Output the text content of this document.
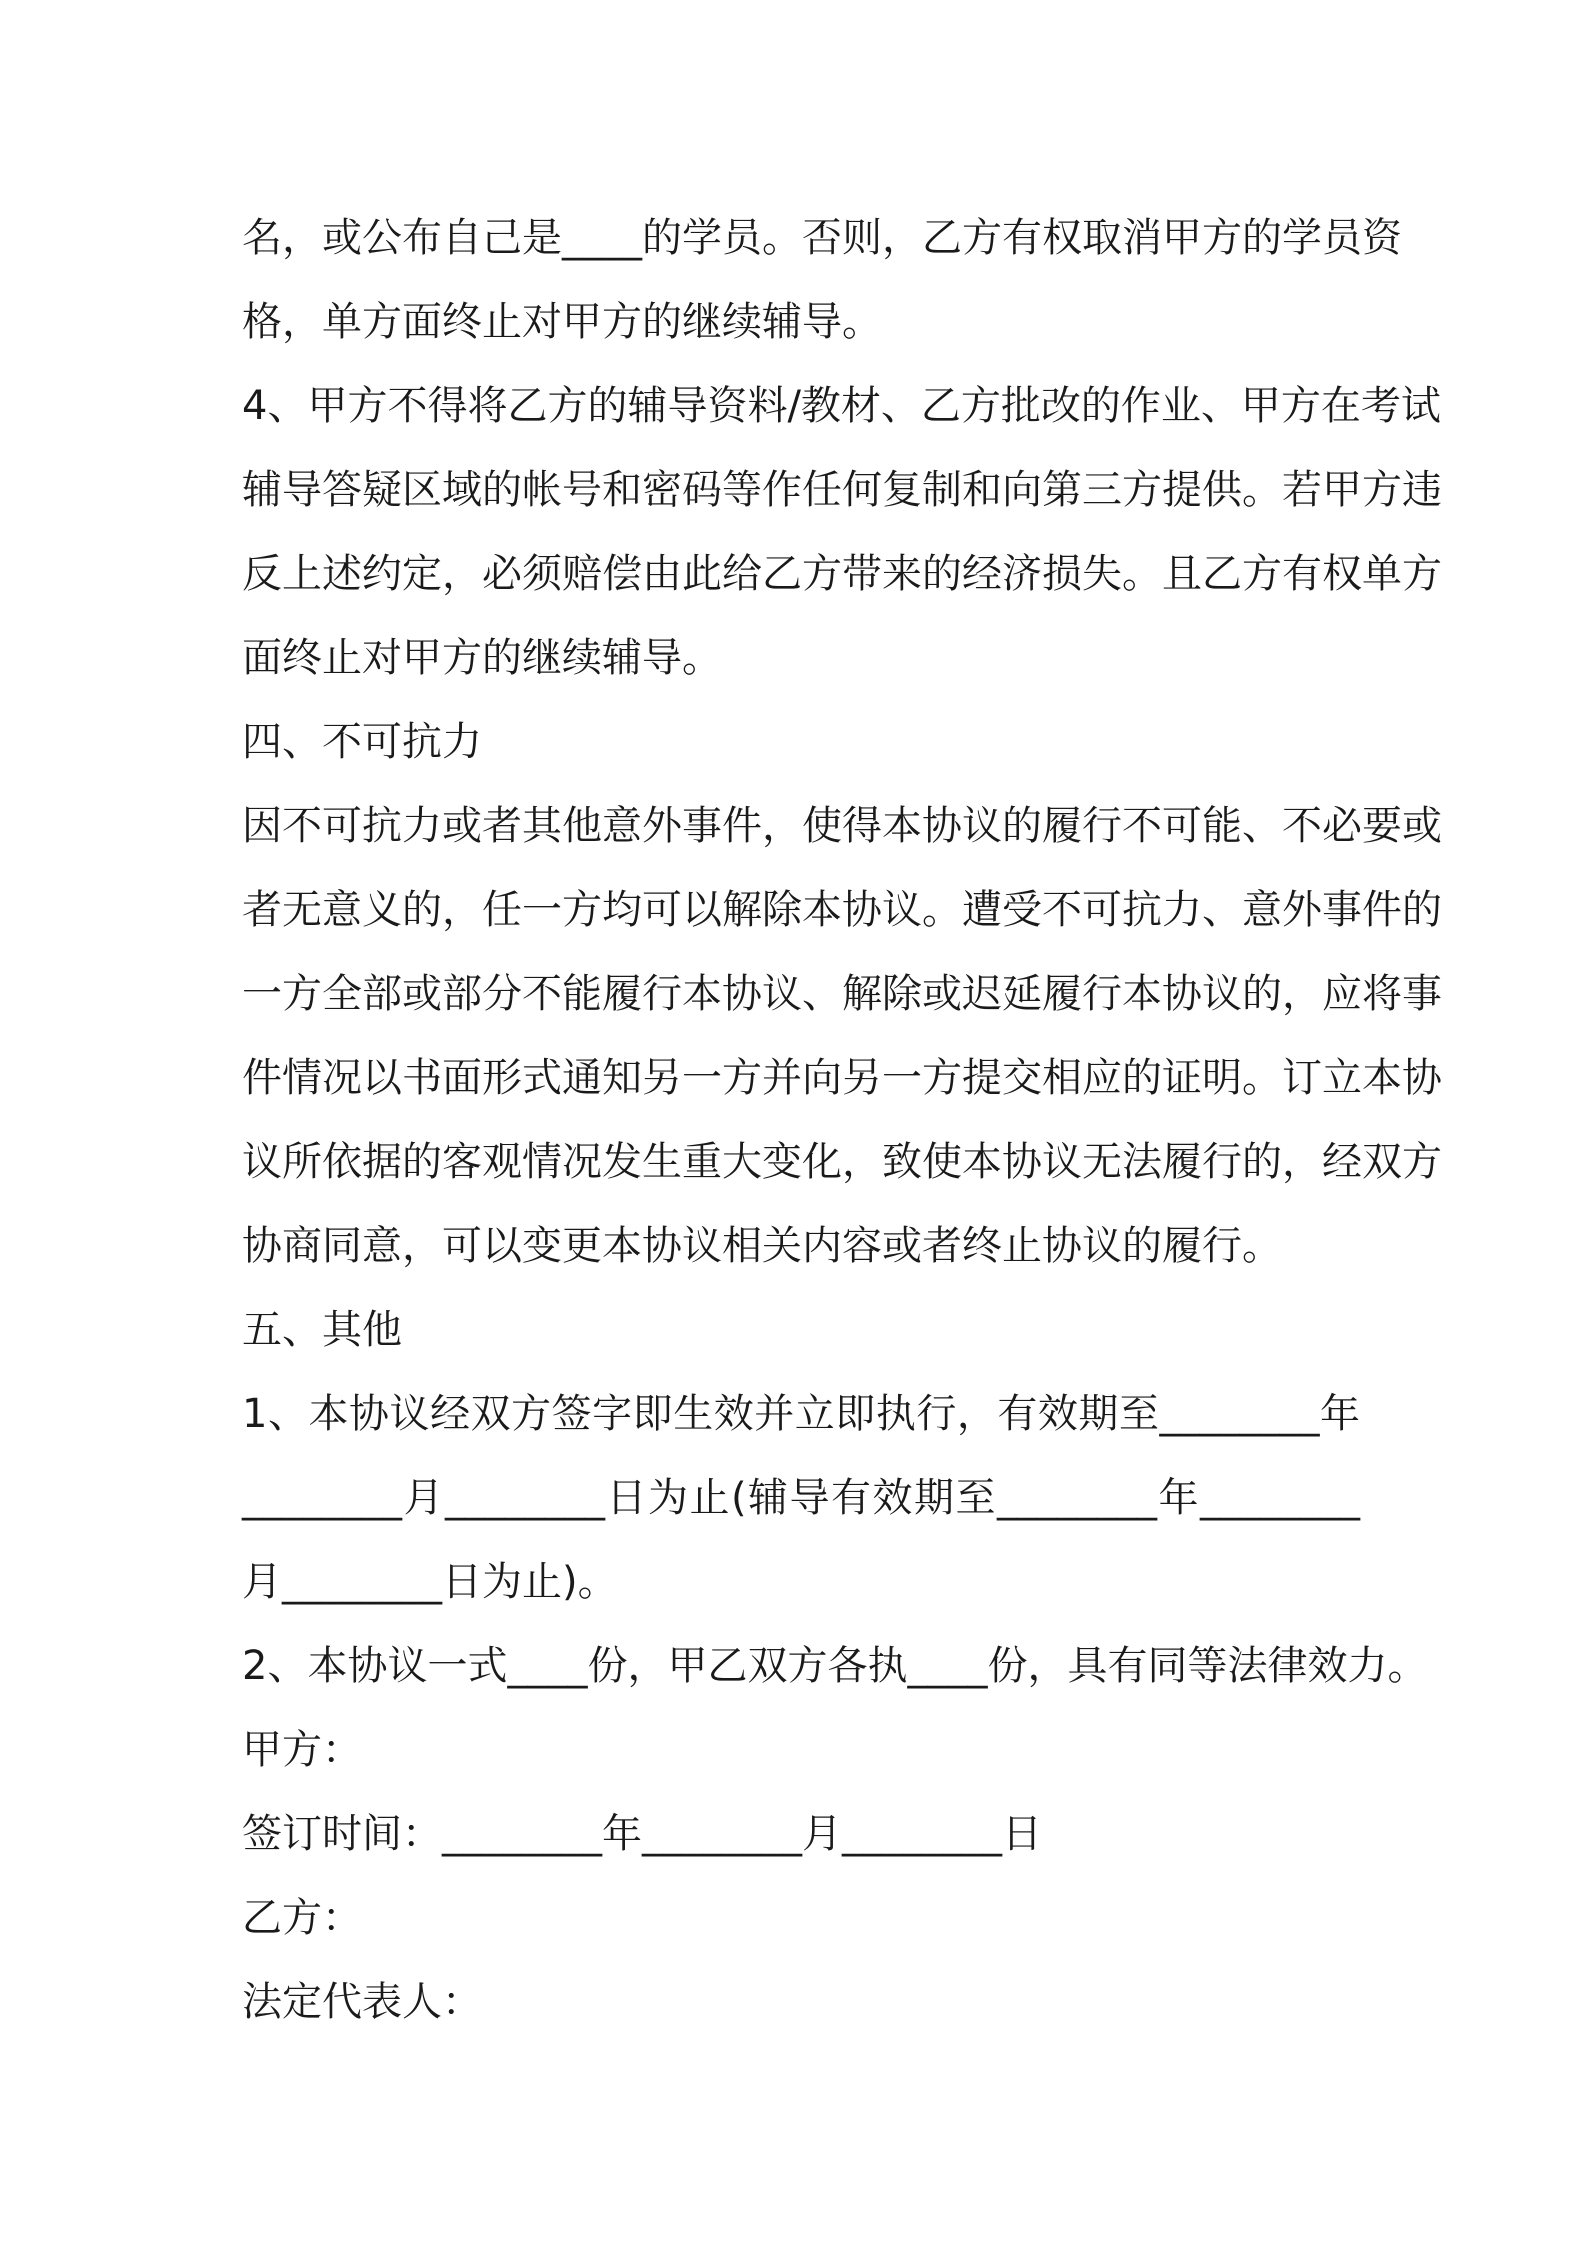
名，或公布自己是____的学员。否则，乙方有权取消甲方的学员资
格，单方面终止对甲方的继续辅导。
4、甲方不得将乙方的辅导资料/教材、乙方批改的作业、甲方在考试
辅导答疑区域的帐号和密码等作任何复制和向第三方提供。若甲方违
反上述约定，必须赔偿由此给乙方带来的经济损失。且乙方有权单方
面终止对甲方的继续辅导。
四、不可抗力
因不可抗力或者其他意外事件，使得本协议的履行不可能、不必要或
者无意义的，任一方均可以解除本协议。遭受不可抗力、意外事件的
一方全部或部分不能履行本协议、解除或迟延履行本协议的，应将事
件情况以书面形式通知另一方并向另一方提交相应的证明。订立本协
议所依据的客观情况发生重大变化，致使本协议无法履行的，经双方
协商同意，可以变更本协议相关内容或者终止协议的履行。
五、其他
1、本协议经双方签字即生效并立即执行，有效期至________年
________月________日为止(辅导有效期至________年________
月________日为止)。
2、本协议一式____份，甲乙双方各执____份，具有同等法律效力。
甲方：
签订时间：________年________月________日
乙方：
法定代表人：
